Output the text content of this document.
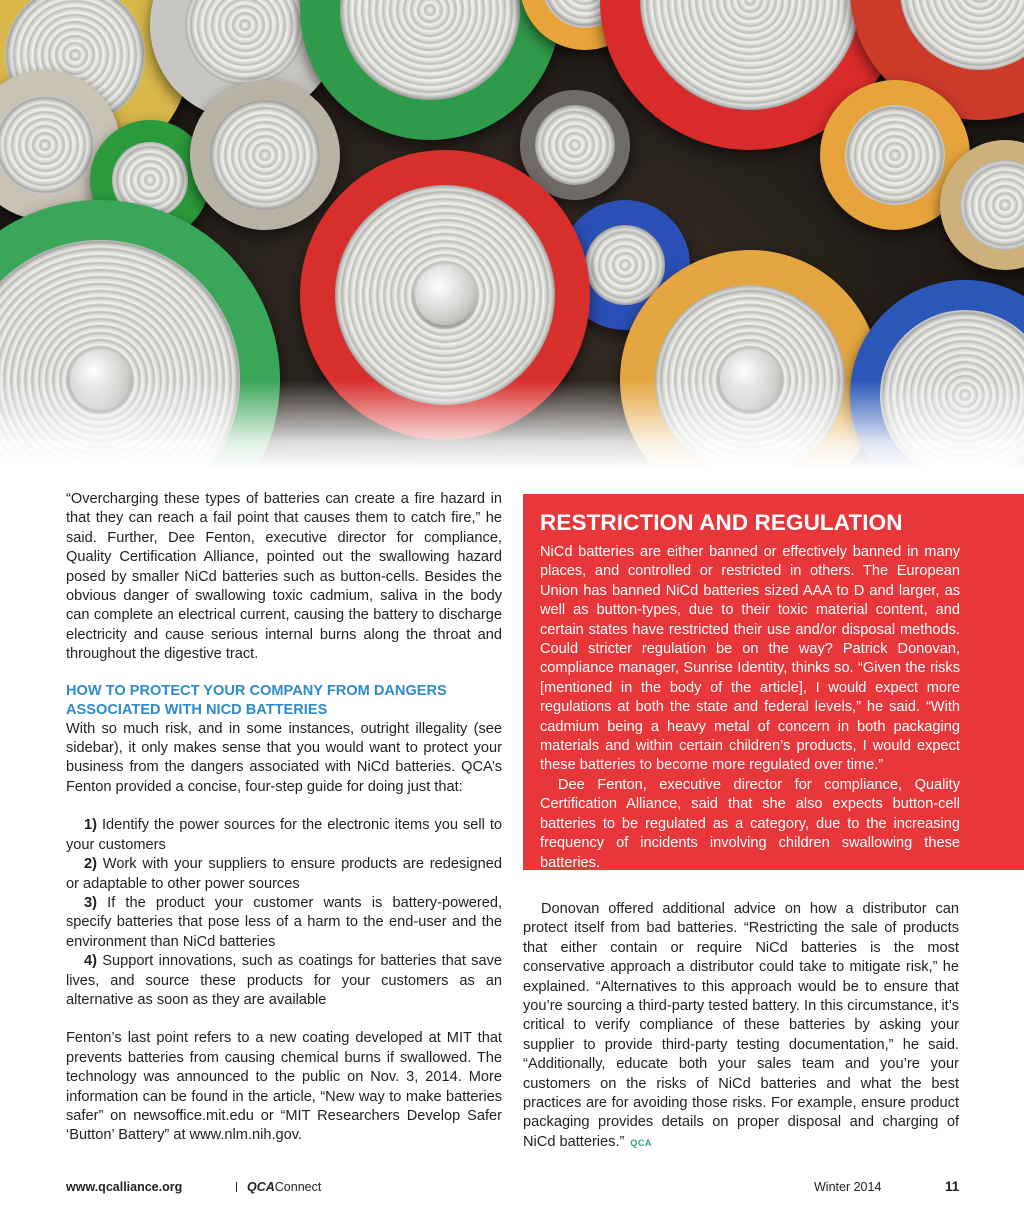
“Overcharging these types of batteries can create a fire hazard in that they can reach a fail point that causes them to catch fire,” he said. Further, Dee Fenton, executive director for compliance, Quality Certification Alliance, pointed out the swallowing hazard posed by smaller NiCd batteries such as button-cells. Besides the obvious danger of swallowing toxic cadmium, saliva in the body can complete an electrical current, causing the battery to discharge electricity and cause serious internal burns along the throat and throughout the digestive tract.

HOW TO PROTECT YOUR COMPANY FROM DANGERS ASSOCIATED WITH NICD BATTERIES

With so much risk, and in some instances, outright illegality (see sidebar), it only makes sense that you would want to protect your business from the dangers associated with NiCd batteries. QCA’s Fenton provided a concise, four-step guide for doing just that:

1) Identify the power sources for the electronic items you sell to your customers

2) Work with your suppliers to ensure products are redesigned or adaptable to other power sources

3) If the product your customer wants is battery-powered, specify batteries that pose less of a harm to the end-user and the environment than NiCd batteries

4) Support innovations, such as coatings for batteries that save lives, and source these products for your customers as an alternative as soon as they are available

Fenton’s last point refers to a new coating developed at MIT that prevents batteries from causing chemical burns if swallowed. The technology was announced to the public on Nov. 3, 2014. More information can be found in the article, “New way to make batteries safer” on newsoffice.mit.edu or “MIT Researchers Develop Safer ‘Button’ Battery” at www.nlm.nih.gov.

RESTRICTION AND REGULATION

NiCd batteries are either banned or effectively banned in many places, and controlled or restricted in others. The European Union has banned NiCd batteries sized AAA to D and larger, as well as button-types, due to their toxic material content, and certain states have restricted their use and/or disposal methods. Could stricter regulation be on the way? Patrick Donovan, compliance manager, Sunrise Identity, thinks so. “Given the risks [mentioned in the body of the article], I would expect more regulations at both the state and federal levels,” he said. “With cadmium being a heavy metal of concern in both packaging materials and within certain children’s products, I would expect these batteries to become more regulated over time.”

Dee Fenton, executive director for compliance, Quality Certification Alliance, said that she also expects button-cell batteries to be regulated as a category, due to the increasing frequency of incidents involving children swallowing these batteries.

Donovan offered additional advice on how a distributor can protect itself from bad batteries. “Restricting the sale of products that either contain or require NiCd batteries is the most conservative approach a distributor could take to mitigate risk,” he explained. “Alternatives to this approach would be to ensure that you’re sourcing a third-party tested battery. In this circumstance, it’s critical to verify compliance of these batteries by asking your supplier to provide third-party testing documentation,” he said. “Additionally, educate both your sales team and you’re your customers on the risks of NiCd batteries and what the best practices are for avoiding those risks. For example, ensure product packaging provides details on proper disposal and charging of NiCd batteries.” QCA

www.qcalliance.org	QCAConnect	Winter 2014	11
